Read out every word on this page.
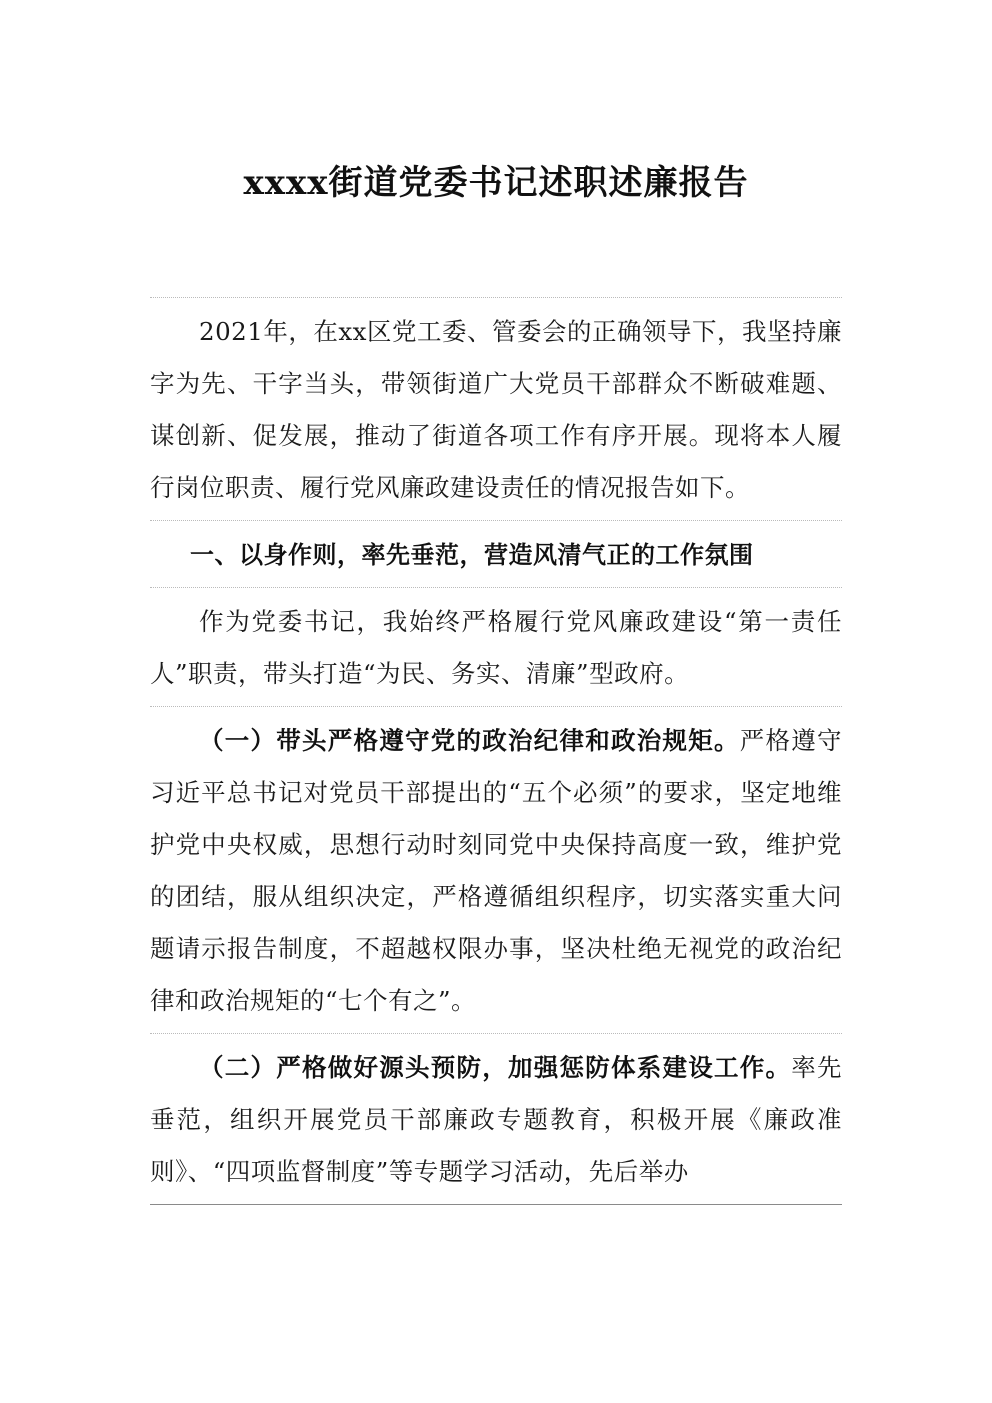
xxxx街道党委书记述职述廉报告

2021年，在xx区党工委、管委会的正确领导下，我坚持廉字为先、干字当头，带领街道广大党员干部群众不断破难题、谋创新、促发展，推动了街道各项工作有序开展。现将本人履行岗位职责、履行党风廉政建设责任的情况报告如下。

一、以身作则，率先垂范，营造风清气正的工作氛围

作为党委书记，我始终严格履行党风廉政建设“第一责任人”职责，带头打造“为民、务实、清廉”型政府。

（一）带头严格遵守党的政治纪律和政治规矩。严格遵守习近平总书记对党员干部提出的“五个必须”的要求，坚定地维护党中央权威，思想行动时刻同党中央保持高度一致，维护党的团结，服从组织决定，严格遵循组织程序，切实落实重大问题请示报告制度，不超越权限办事，坚决杜绝无视党的政治纪律和政治规矩的“七个有之”。

（二）严格做好源头预防，加强惩防体系建设工作。率先垂范，组织开展党员干部廉政专题教育，积极开展《廉政准则》、“四项监督制度”等专题学习活动，先后举办
